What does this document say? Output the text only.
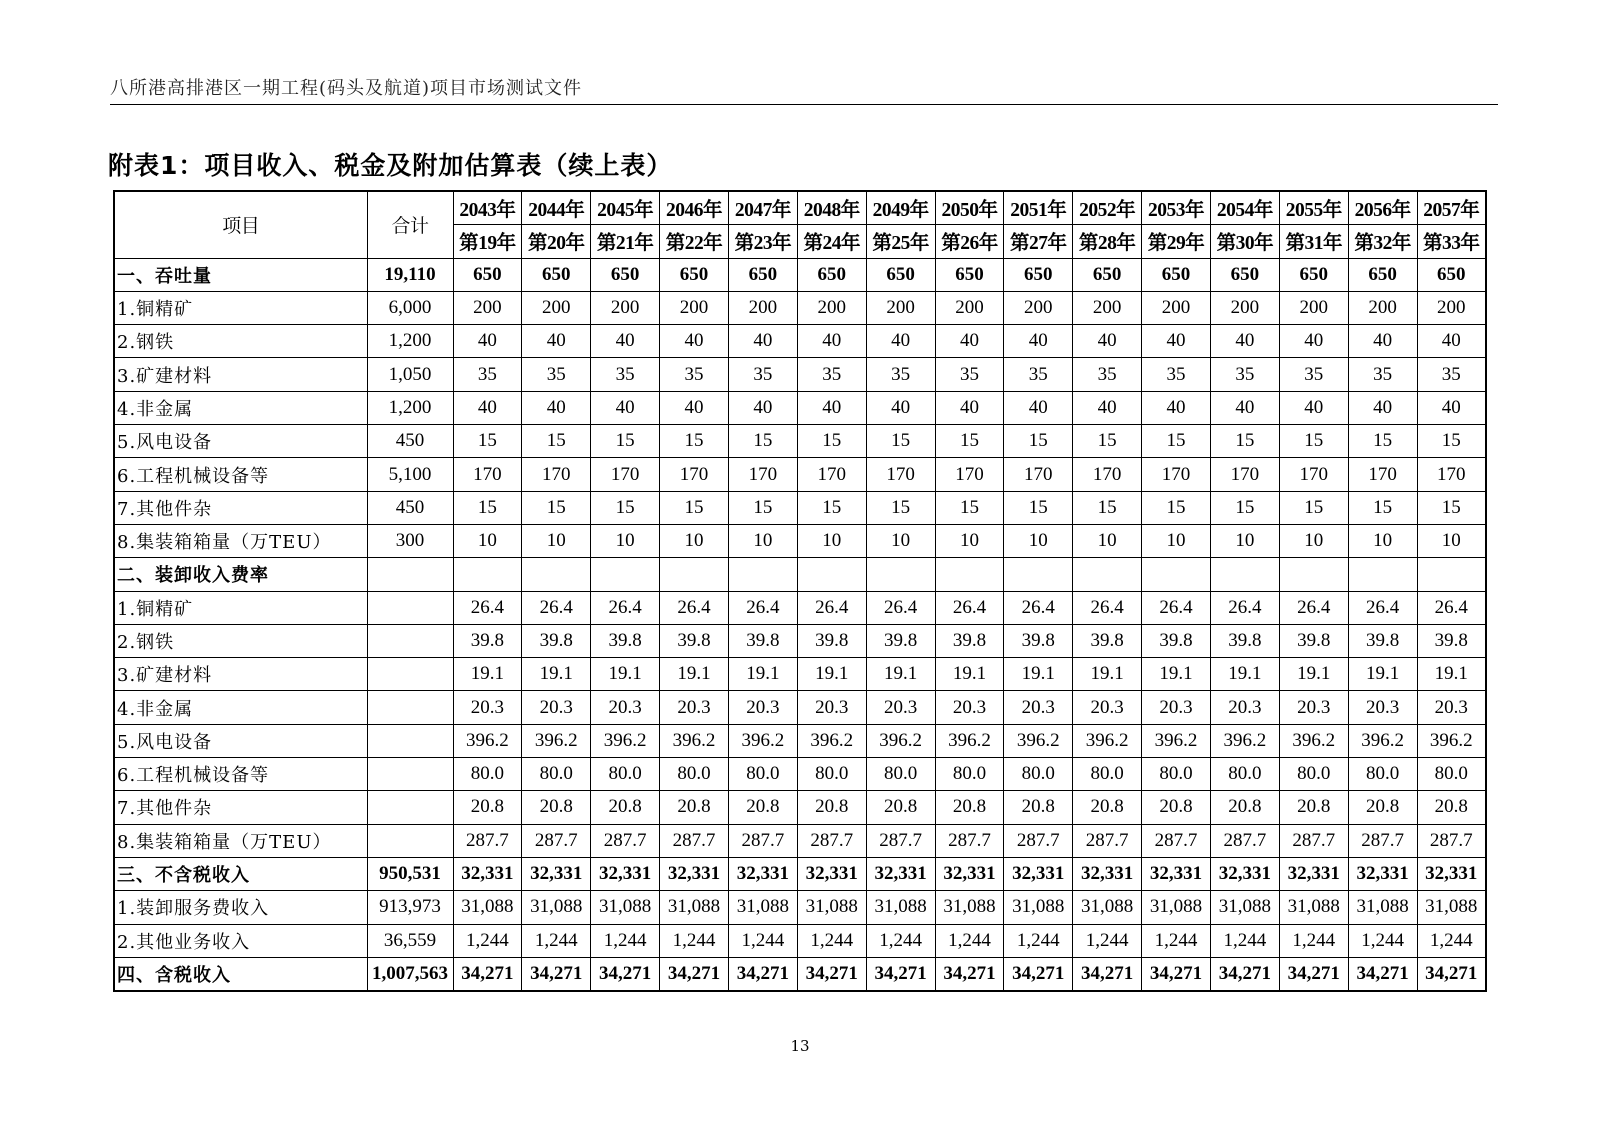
八所港高排港区一期工程(码头及航道)项目市场测试文件
附表1：项目收入、税金及附加估算表（续上表）
项目	合计	2043年	2044年	2045年	2046年	2047年	2048年	2049年	2050年	2051年	2052年	2053年	2054年	2055年	2056年	2057年
		第19年	第20年	第21年	第22年	第23年	第24年	第25年	第26年	第27年	第28年	第29年	第30年	第31年	第32年	第33年
一、吞吐量	19,110	650	650	650	650	650	650	650	650	650	650	650	650	650	650	650
1.铜精矿	6,000	200	200	200	200	200	200	200	200	200	200	200	200	200	200	200
2.钢铁	1,200	40	40	40	40	40	40	40	40	40	40	40	40	40	40	40
3.矿建材料	1,050	35	35	35	35	35	35	35	35	35	35	35	35	35	35	35
4.非金属	1,200	40	40	40	40	40	40	40	40	40	40	40	40	40	40	40
5.风电设备	450	15	15	15	15	15	15	15	15	15	15	15	15	15	15	15
6.工程机械设备等	5,100	170	170	170	170	170	170	170	170	170	170	170	170	170	170	170
7.其他件杂	450	15	15	15	15	15	15	15	15	15	15	15	15	15	15	15
8.集装箱箱量（万TEU）	300	10	10	10	10	10	10	10	10	10	10	10	10	10	10	10
二、装卸收入费率																
1.铜精矿		26.4	26.4	26.4	26.4	26.4	26.4	26.4	26.4	26.4	26.4	26.4	26.4	26.4	26.4	26.4
2.钢铁		39.8	39.8	39.8	39.8	39.8	39.8	39.8	39.8	39.8	39.8	39.8	39.8	39.8	39.8	39.8
3.矿建材料		19.1	19.1	19.1	19.1	19.1	19.1	19.1	19.1	19.1	19.1	19.1	19.1	19.1	19.1	19.1
4.非金属		20.3	20.3	20.3	20.3	20.3	20.3	20.3	20.3	20.3	20.3	20.3	20.3	20.3	20.3	20.3
5.风电设备		396.2	396.2	396.2	396.2	396.2	396.2	396.2	396.2	396.2	396.2	396.2	396.2	396.2	396.2	396.2
6.工程机械设备等		80.0	80.0	80.0	80.0	80.0	80.0	80.0	80.0	80.0	80.0	80.0	80.0	80.0	80.0	80.0
7.其他件杂		20.8	20.8	20.8	20.8	20.8	20.8	20.8	20.8	20.8	20.8	20.8	20.8	20.8	20.8	20.8
8.集装箱箱量（万TEU）		287.7	287.7	287.7	287.7	287.7	287.7	287.7	287.7	287.7	287.7	287.7	287.7	287.7	287.7	287.7
三、不含税收入	950,531	32,331	32,331	32,331	32,331	32,331	32,331	32,331	32,331	32,331	32,331	32,331	32,331	32,331	32,331	32,331
1.装卸服务费收入	913,973	31,088	31,088	31,088	31,088	31,088	31,088	31,088	31,088	31,088	31,088	31,088	31,088	31,088	31,088	31,088
2.其他业务收入	36,559	1,244	1,244	1,244	1,244	1,244	1,244	1,244	1,244	1,244	1,244	1,244	1,244	1,244	1,244	1,244
四、含税收入	1,007,563	34,271	34,271	34,271	34,271	34,271	34,271	34,271	34,271	34,271	34,271	34,271	34,271	34,271	34,271	34,271
13
